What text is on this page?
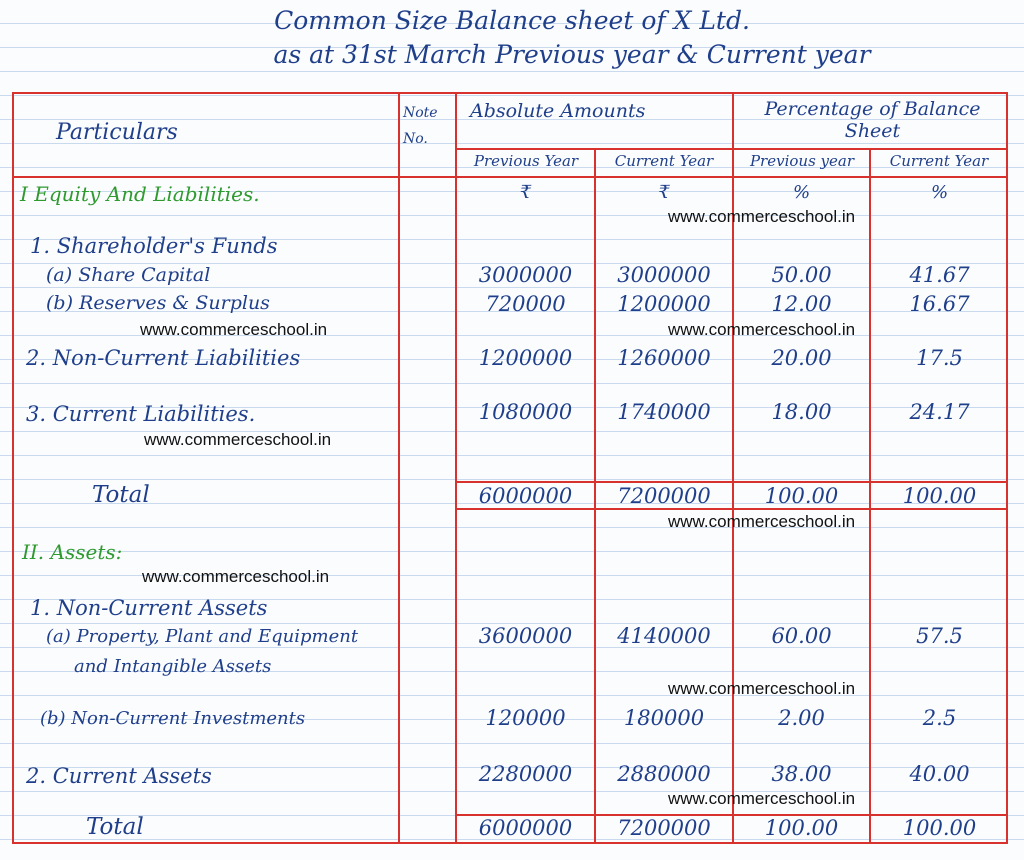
Common Size Balance sheet of X Ltd.
as at 31st March Previous year & Current year
Particulars
Note No.
Absolute Amounts	Percentage of Balance Sheet
Previous Year	Current Year	Previous year	Current Year
₹	₹	%	%
I Equity And Liabilities.
1. Shareholder's Funds
(a) Share Capital	3000000	3000000	50.00	41.67
(b) Reserves & Surplus	720000	1200000	12.00	16.67
2. Non-Current Liabilities	1200000	1260000	20.00	17.5
3. Current Liabilities.	1080000	1740000	18.00	24.17
Total	6000000	7200000	100.00	100.00
II. Assets:
1. Non-Current Assets
(a) Property, Plant and Equipment
and Intangible Assets
3600000	4140000	60.00	57.5
(b) Non-Current Investments	120000	180000	2.00	2.5
2. Current Assets	2280000	2880000	38.00	40.00
Total	6000000	7200000	100.00	100.00
www.commerceschool.in
www.commerceschool.in	www.commerceschool.in
www.commerceschool.in
www.commerceschool.in
www.commerceschool.in
www.commerceschool.in
www.commerceschool.in
